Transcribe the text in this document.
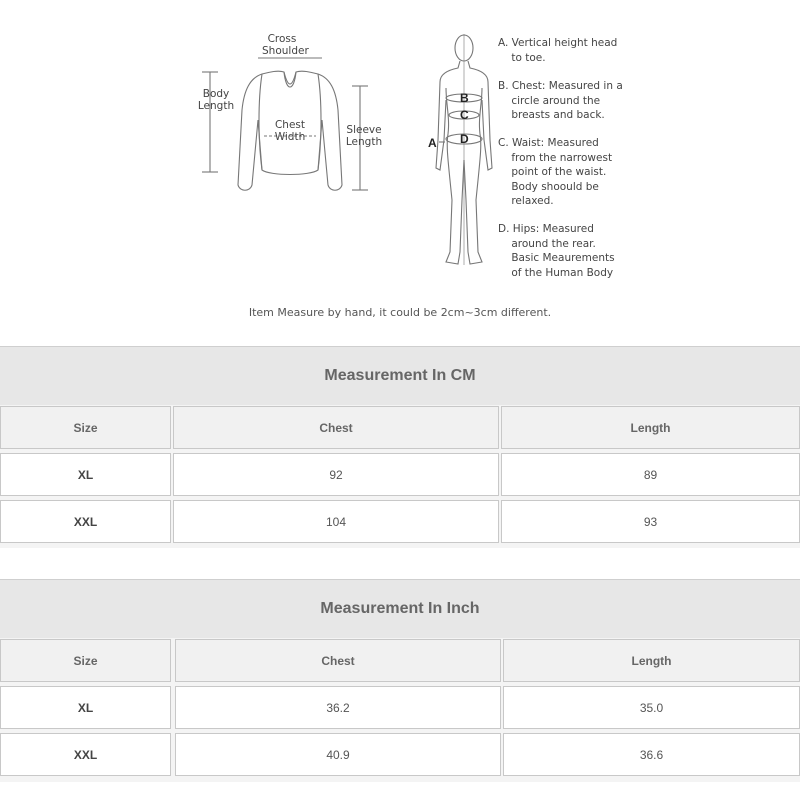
Cross
Shoulder
Body
Length
Chest
Width
Sleeve
Length	A
B
C
D
A. Vertical height head
to toe.
B. Chest: Measured in a
circle around the
breasts and back.
C. Waist: Measured
from the narrowest
point of the waist.
Body shoould be
relaxed.
D. Hips: Measured
around the rear.
Basic Meaurements
of the Human Body
Item Measure by hand, it could be 2cm~3cm different.
Measurement In CM
Size	Chest	Length
XL	92	89
XXL	104	93
Measurement In Inch
Size	Chest	Length
XL	36.2	35.0
XXL	40.9	36.6
